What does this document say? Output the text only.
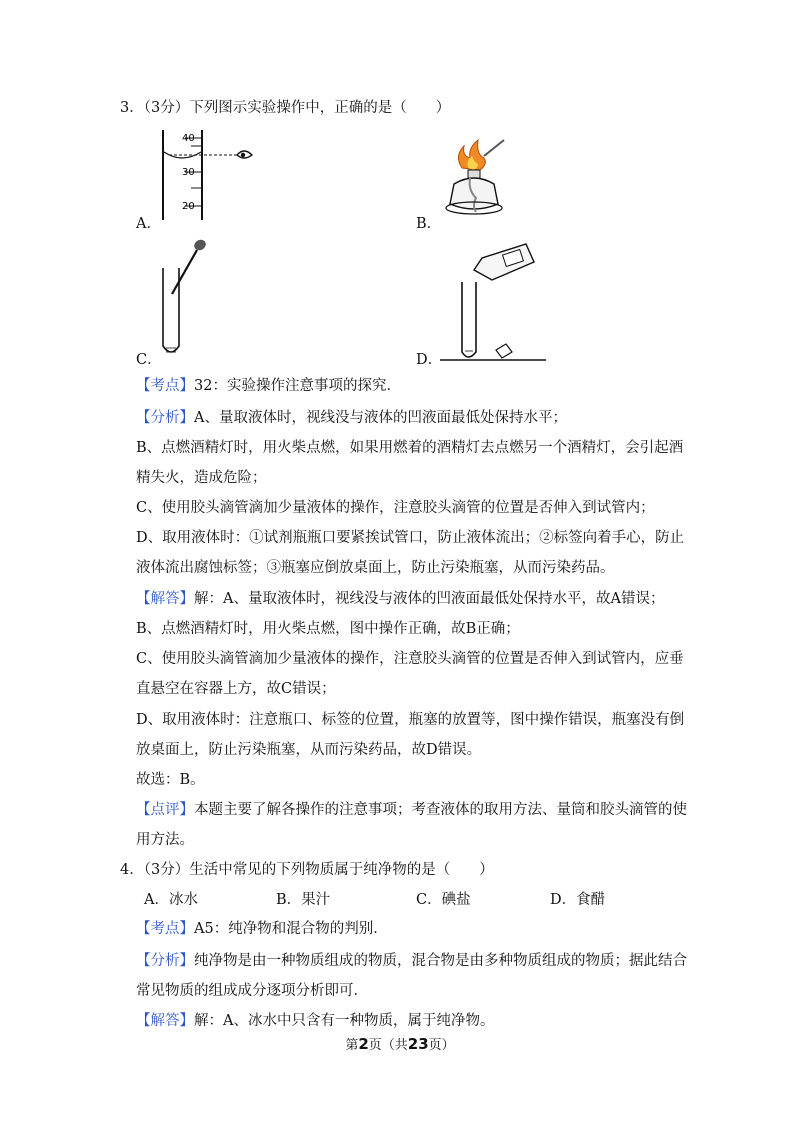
3．（3分）下列图示实验操作中，正确的是（　　）
A．
40
30
20
B．
C．	D．
【考点】32：实验操作注意事项的探究．
【分析】A、量取液体时，视线没与液体的凹液面最低处保持水平；
B、点燃酒精灯时，用火柴点燃，如果用燃着的酒精灯去点燃另一个酒精灯，会引起酒
精失火，造成危险；
C、使用胶头滴管滴加少量液体的操作，注意胶头滴管的位置是否伸入到试管内；
D、取用液体时：①试剂瓶瓶口要紧挨试管口，防止液体流出；②标签向着手心，防止
液体流出腐蚀标签；③瓶塞应倒放桌面上，防止污染瓶塞，从而污染药品。
【解答】解：A、量取液体时，视线没与液体的凹液面最低处保持水平，故A错误；
B、点燃酒精灯时，用火柴点燃，图中操作正确，故B正确；
C、使用胶头滴管滴加少量液体的操作，注意胶头滴管的位置是否伸入到试管内，应垂
直悬空在容器上方，故C错误；
D、取用液体时：注意瓶口、标签的位置，瓶塞的放置等，图中操作错误，瓶塞没有倒
放桌面上，防止污染瓶塞，从而污染药品，故D错误。
故选：B。
【点评】本题主要了解各操作的注意事项；考查液体的取用方法、量筒和胶头滴管的使
用方法。
4．（3分）生活中常见的下列物质属于纯净物的是（　　）
A．冰水	B．果汁	C．碘盐	D．食醋
【考点】A5：纯净物和混合物的判别．
【分析】纯净物是由一种物质组成的物质，混合物是由多种物质组成的物质；据此结合
常见物质的组成成分逐项分析即可．
【解答】解：A、冰水中只含有一种物质，属于纯净物。
第2页（共23页）
